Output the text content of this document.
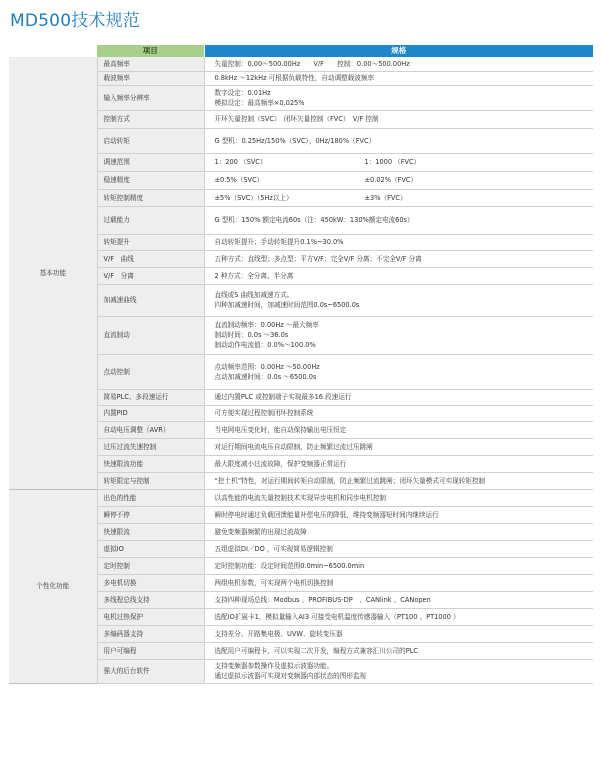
MD500技术规范
	项目	规格
基本功能	最高频率	矢量控制：0.00～500.00Hz　　V/F　　控制：0.00～500.00Hz

	载波频率	0.8kHz ～12kHz 可根据负载特性，自动调整载波频率

	输入频率分辨率	数字设定：0.01Hz
模拟设定：最高频率×0.025%

	控制方式	开环矢量控制（SVC）　闭环矢量控制（FVC）　V/F 控制

	启动转矩	G 型机：0.25Hz/150%（SVC），0Hz/180%（FVC）

	调速范围	1：200 （SVC） 1：1000 （FVC）

	稳速精度	±0.5%（SVC） ±0.02%（FVC）

	转矩控制精度	±5%（SVC）（5Hz以上） ±3%（FVC）

	过载能力	G 型机：150% 额定电流60s（注：450kW：130%额定电流60s）

	转矩提升	自动转矩提升；手动转矩提升0.1%~30.0%

	V/F　曲线	五种方式：直线型；多点型；平方V/F；完全V/F 分离；不完全V/F 分离

	V/F　分离	2 种方式：全分离、半分离

	加减速曲线	直线或S 曲线加减速方式。
四种加减速时间，加减速时间范围0.0s~6500.0s

	直流制动	直流制动频率：0.00Hz ～最大频率
制动时间：0.0s ～36.0s
制动动作电流值：0.0%～100.0%

	点动控制	点动频率范围：0.00Hz ～50.00Hz
点动加减速时间：0.0s ～6500.0s

	简易PLC、多段速运行	通过内置PLC 或控制端子实现最多16 段速运行

	内置PID	可方便实现过程控制闭环控制系统

	自动电压调整（AVR）	当电网电压变化时，能自动保持输出电压恒定

	过压过流失速控制	对运行期间电流电压自动限制，防止频繁过流过压跳闸

	快速限流功能	最大限度减小过流故障，保护变频器正常运行

	转矩限定与控制	“挖土机”特性，对运行期间转矩自动限制，防止频繁过流跳闸；闭环矢量模式可实现转矩控制

个性化功能	出色的性能	以高性能的电流矢量控制技术实现异步电机和同步电机控制

	瞬停不停	瞬时停电时通过负载回馈能量补偿电压的降低，维持变频器短时间内继续运行

	快速限流	避免变频器频繁的出现过流故障

	虚拟IO	五组虚拟DI／DO ，可实现简易逻辑控制

	定时控制	定时控制功能：设定时间范围0.0min~6500.0min

	多电机切换	两组电机参数，可实现两个电机切换控制

	多线程总线支持	支持四种现场总线：Modbus 、PROFIBUS-DP　、CANlink 、CANopen

	电机过热保护	选配IO扩展卡1，模拟量输入AI3 可接受电机温度传感器输入（PT100 、PT1000 ）

	多编码器支持	支持差分、开路集电极、UVW、旋转变压器

	用户可编程	选配用户可编程卡，可以实现二次开发，编程方式兼容汇川公司的PLC

	强大的后台软件	支持变频器参数操作及虚拟示波器功能。
通过虚拟示波器可实现对变频器内部状态的图形监视
